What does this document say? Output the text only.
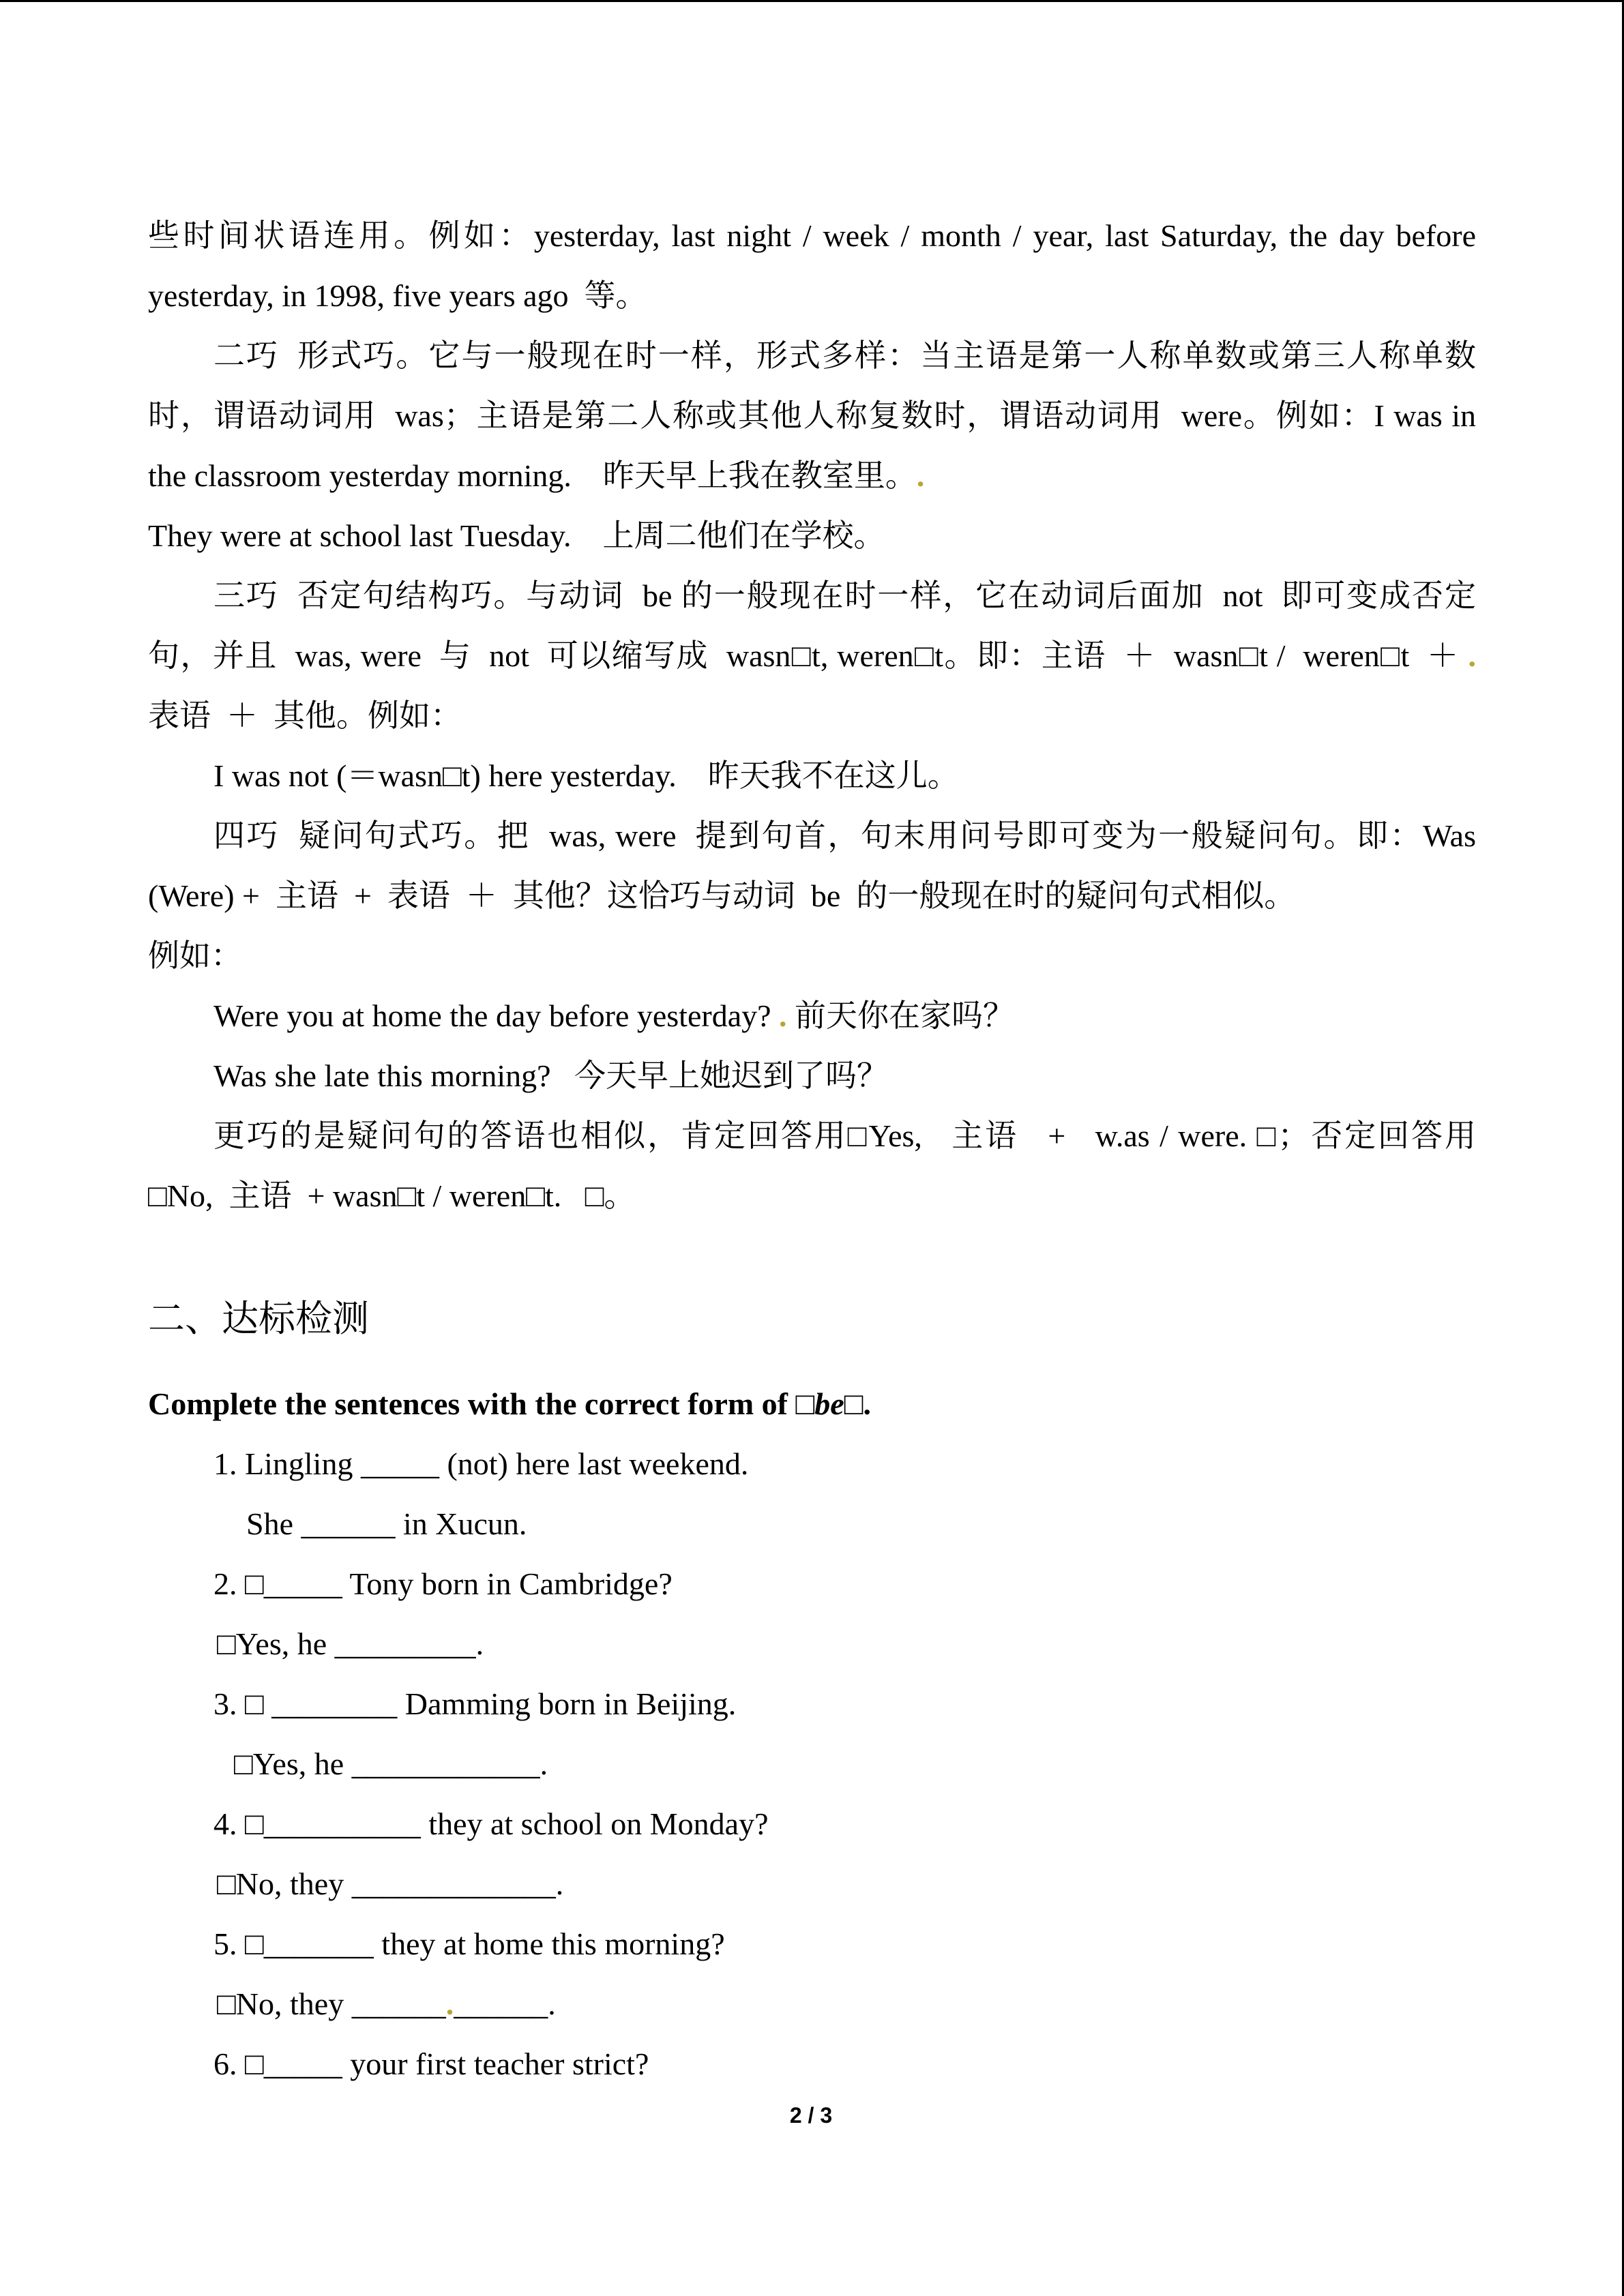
些时间状语连用。例如：yesterday, last night / week / month / year, last Saturday, the day before
yesterday, in 1998, five years ago  等。
二巧  形式巧。它与一般现在时一样，形式多样：当主语是第一人称单数或第三人称单数
时，谓语动词用  was；主语是第二人称或其他人称复数时，谓语动词用  were。例如：I was in
the classroom yesterday morning.    昨天早上我在教室里。.
They were at school last Tuesday.    上周二他们在学校。
三巧  否定句结构巧。与动词  be 的一般现在时一样，它在动词后面加  not  即可变成否定
句，并且  was, were  与  not  可以缩写成  wasn□t, weren□t。即：主语  ＋  wasn□t /  weren□t  ＋ .
表语  ＋  其他。例如：
I was not (＝wasn□t) here yesterday.    昨天我不在这儿。
四巧  疑问句式巧。把  was, were  提到句首，句末用问号即可变为一般疑问句。即：Was
(Were) +  主语  +  表语  ＋  其他？这恰巧与动词  be  的一般现在时的疑问句式相似。
例如：
Were you at home the day before yesterday? . 前天你在家吗？
Was she late this morning?   今天早上她迟到了吗？
更巧的是疑问句的答语也相似，肯定回答用□Yes,   主语   +   w.as / were. □；否定回答用
□No,  主语  + wasn□t / weren□t.   □。
二、达标检测
Complete the sentences with the correct form of □be□.
1. Lingling _____ (not) here last weekend.
She ______ in Xucun.
2. □_____ Tony born in Cambridge?
□Yes, he _________.
3. □ ________ Damming born in Beijing.
□Yes, he ____________.
4. □__________ they at school on Monday?
□No, they _____________.
5. □_______ they at home this morning?
□No, they ______.______.
6. □_____ your first teacher strict?
2 / 3
